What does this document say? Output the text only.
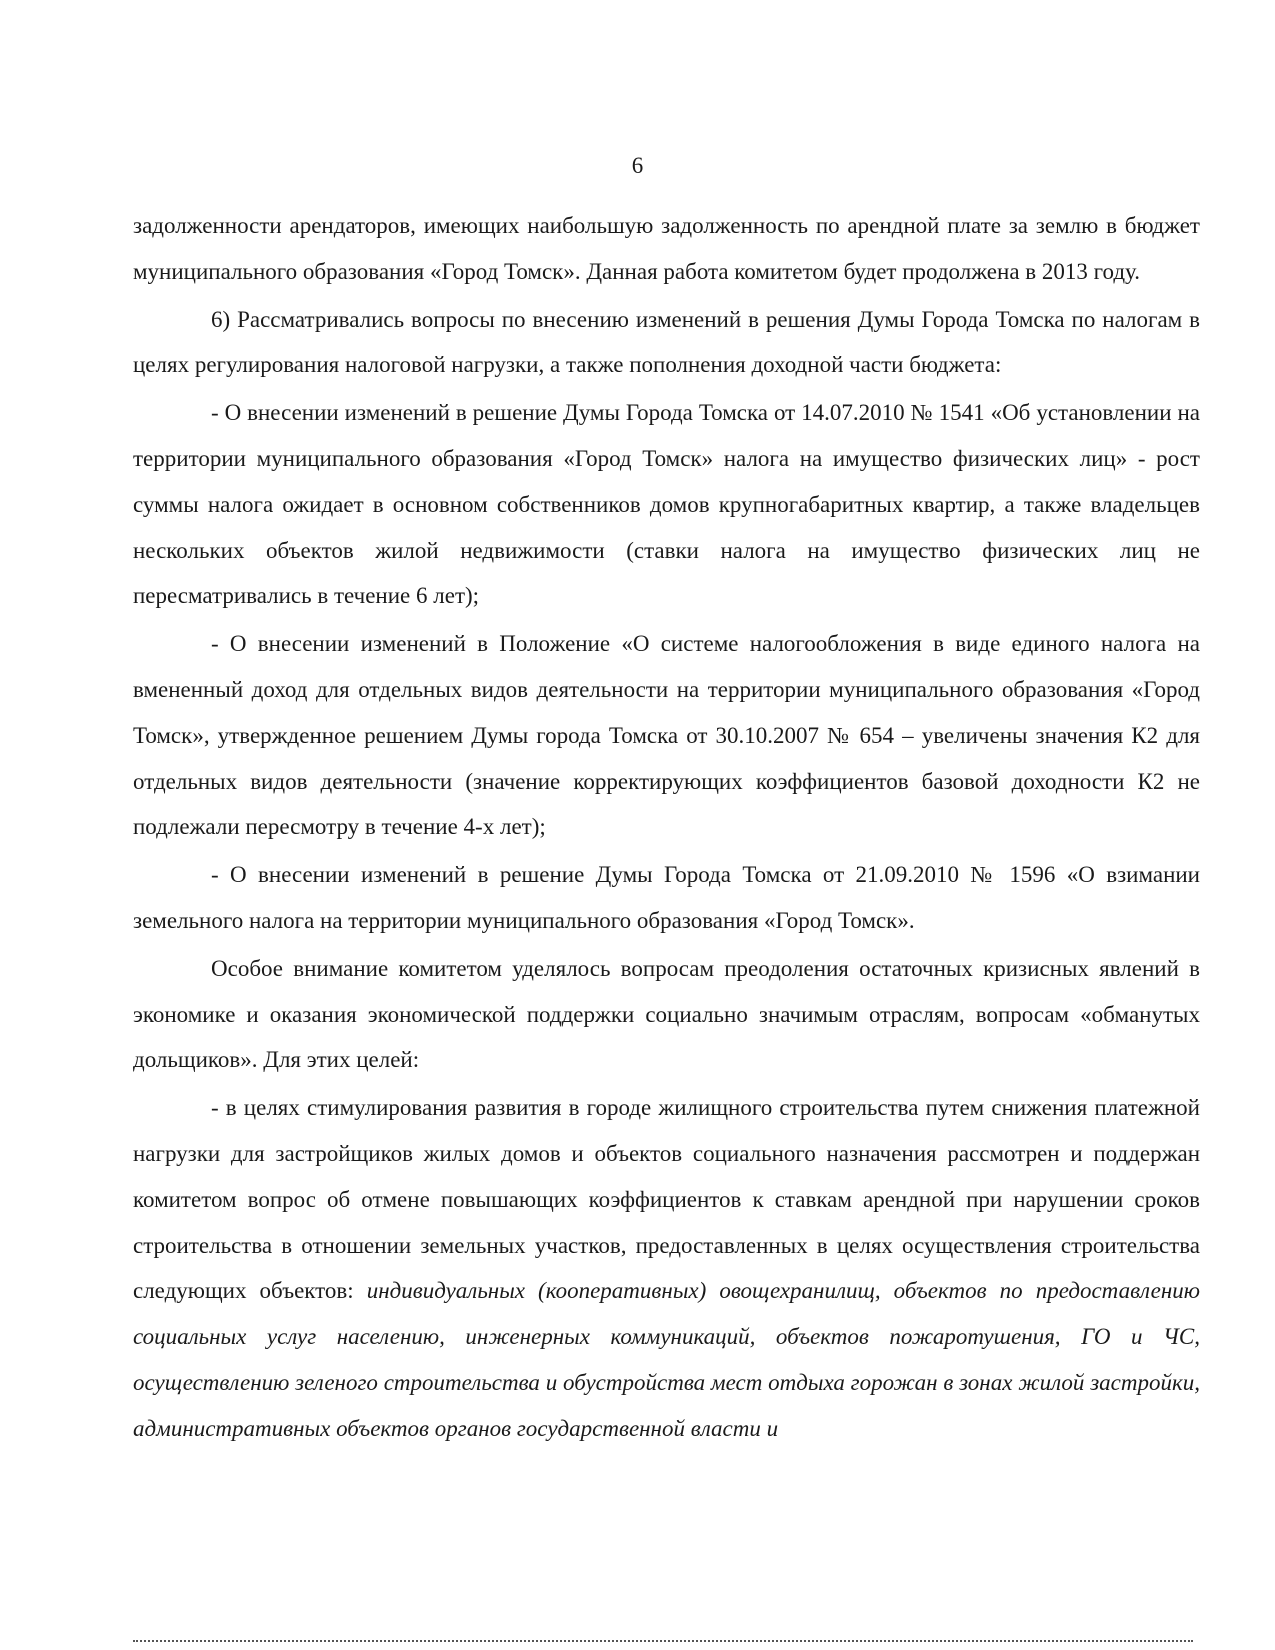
6

задолженности арендаторов, имеющих наибольшую задолженность по арендной плате за землю в бюджет муниципального образования «Город Томск». Данная работа комитетом будет продолжена в 2013 году.

6) Рассматривались вопросы по внесению изменений в решения Думы Города Томска по налогам в целях регулирования налоговой нагрузки, а также пополнения доходной части бюджета:

- О внесении изменений в решение Думы Города Томска от 14.07.2010 № 1541 «Об установлении на территории муниципального образования «Город Томск» налога на имущество физических лиц» - рост суммы налога ожидает в основном собственников домов крупногабаритных квартир, а также владельцев нескольких объектов жилой недвижимости (ставки налога на имущество физических лиц не пересматривались в течение 6 лет);

- О внесении изменений в Положение «О системе налогообложения в виде единого налога на вмененный доход для отдельных видов деятельности на территории муниципального образования «Город Томск», утвержденное решением Думы города Томска от 30.10.2007 № 654 – увеличены значения К2 для отдельных видов деятельности (значение корректирующих коэффициентов базовой доходности К2 не подлежали пересмотру в течение 4-х лет);

- О внесении изменений в решение Думы Города Томска от 21.09.2010 № 1596 «О взимании земельного налога на территории муниципального образования «Город Томск».

Особое внимание комитетом уделялось вопросам преодоления остаточных кризисных явлений в экономике и оказания экономической поддержки социально значимым отраслям, вопросам «обманутых дольщиков». Для этих целей:

- в целях стимулирования развития в городе жилищного строительства путем снижения платежной нагрузки для застройщиков жилых домов и объектов социального назначения рассмотрен и поддержан комитетом вопрос об отмене повышающих коэффициентов к ставкам арендной при нарушении сроков строительства в отношении земельных участков, предоставленных в целях осуществления строительства следующих объектов: индивидуальных (кооперативных) овощехранилищ, объектов по предоставлению социальных услуг населению, инженерных коммуникаций, объектов пожаротушения, ГО и ЧС, осуществлению зеленого строительства и обустройства мест отдыха горожан в зонах жилой застройки, административных объектов органов государственной власти и
